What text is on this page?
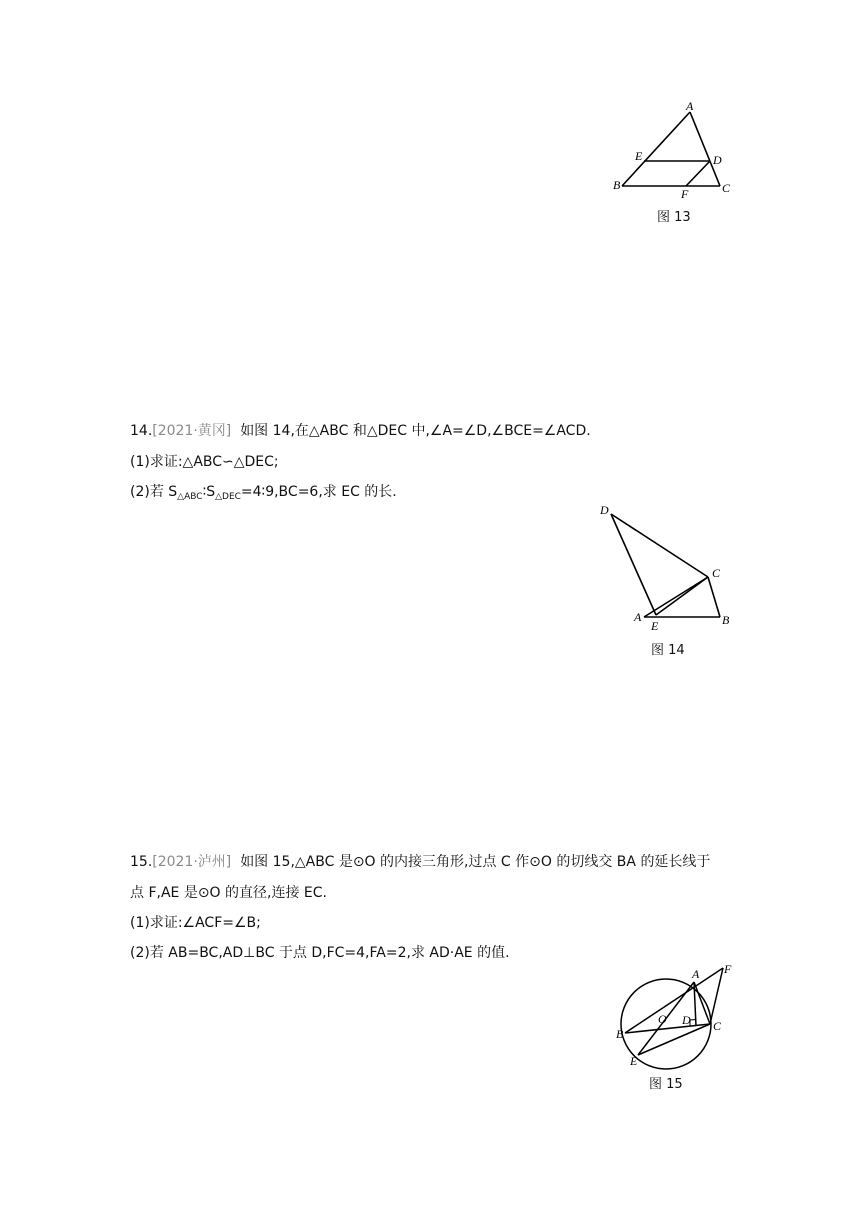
A
E	D
B
F	C
图 13
14.[2021·黄冈] 如图 14,在△ABC 和△DEC 中,∠A=∠D,∠BCE=∠ACD.
(1)求证:△ABC∽△DEC;
(2)若 $S_{\triangle ABC}∶S_{\triangle DEC}=4∶9,BC=6$,求 EC 的长.
D
C
A
E	B
图 14
15.[2021·泸州] 如图 15,△ABC 是⊙O 的内接三角形,过点 C 作⊙O 的切线交 BA 的延长线于
点 F,AE 是⊙O 的直径,连接 EC.
(1)求证:∠ACF=∠B;
(2)若 AB=BC,AD⊥BC 于点 D,FC=4,FA=2,求 AD·AE 的值.
A F
O D
B
C
E
图 15
